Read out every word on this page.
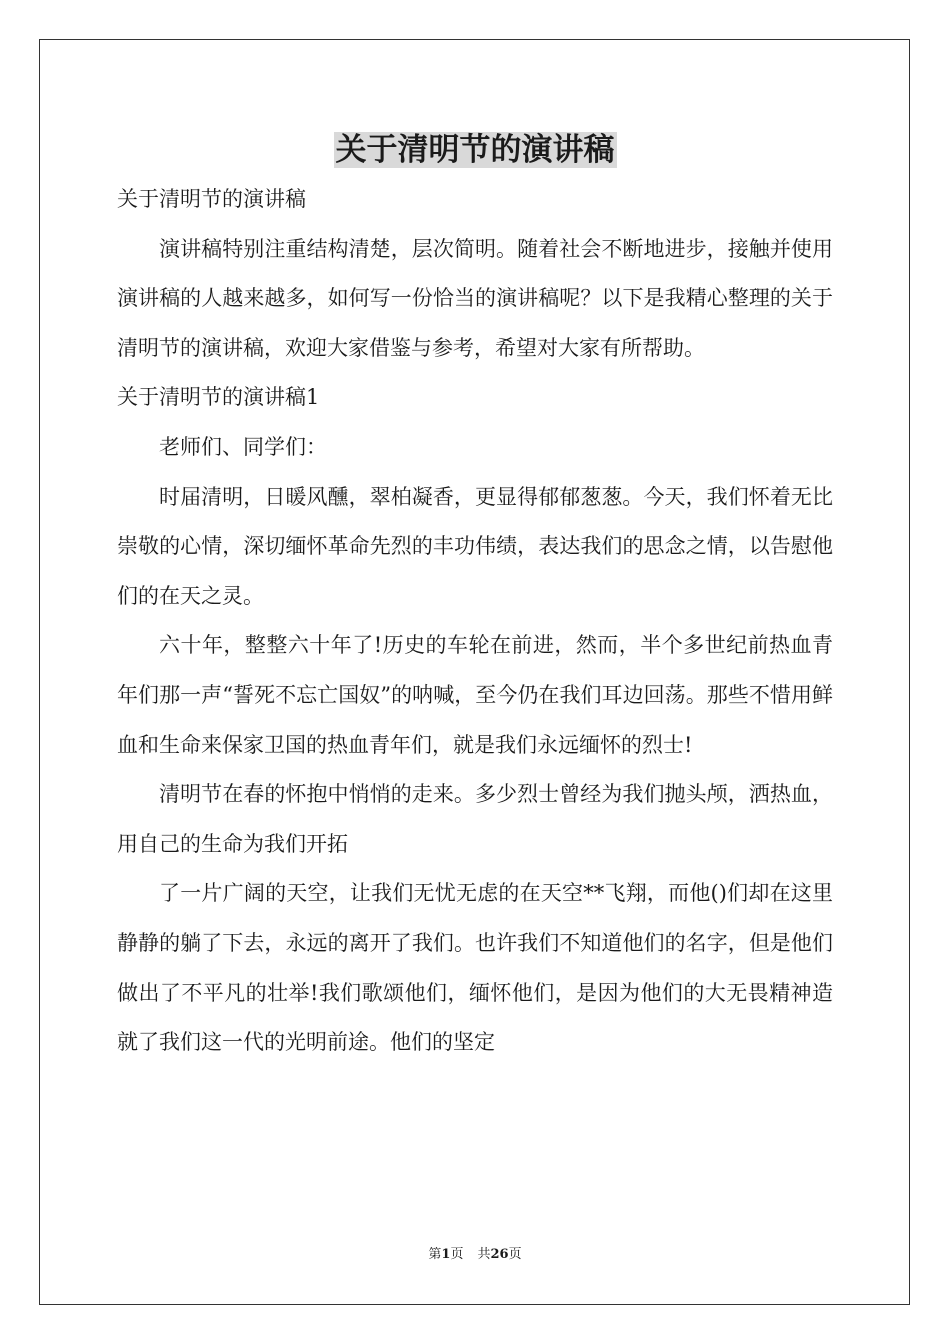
关于清明节的演讲稿

关于清明节的演讲稿

演讲稿特别注重结构清楚，层次简明。随着社会不断地进步，接触并使用演讲稿的人越来越多，如何写一份恰当的演讲稿呢？以下是我精心整理的关于清明节的演讲稿，欢迎大家借鉴与参考，希望对大家有所帮助。

关于清明节的演讲稿1

老师们、同学们：

时届清明，日暖风醺，翠柏凝香，更显得郁郁葱葱。今天，我们怀着无比崇敬的心情，深切缅怀革命先烈的丰功伟绩，表达我们的思念之情，以告慰他们的在天之灵。

六十年，整整六十年了!历史的车轮在前进，然而，半个多世纪前热血青年们那一声“誓死不忘亡国奴”的呐喊，至今仍在我们耳边回荡。那些不惜用鲜血和生命来保家卫国的热血青年们，就是我们永远缅怀的烈士!

清明节在春的怀抱中悄悄的走来。多少烈士曾经为我们抛头颅，洒热血，用自己的生命为我们开拓

了一片广阔的天空，让我们无忧无虑的在天空**飞翔，而他()们却在这里静静的躺了下去，永远的离开了我们。也许我们不知道他们的名字，但是他们做出了不平凡的壮举!我们歌颂他们，缅怀他们，是因为他们的大无畏精神造就了我们这一代的光明前途。他们的坚定

第1页 共26页
